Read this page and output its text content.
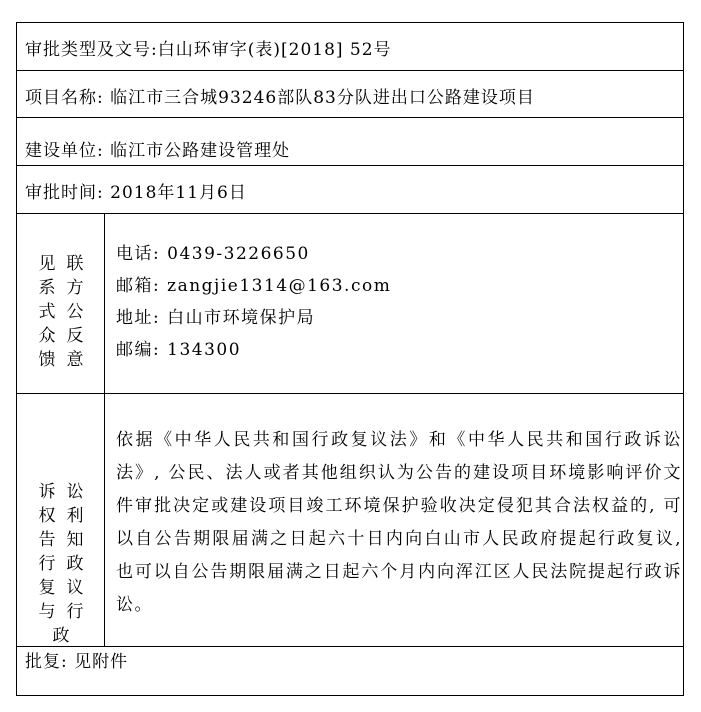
审批类型及文号:白山环审字(表)[2018] 52号
项目名称: 临江市三合城93246部队83分队进出口公路建设项目
建设单位: 临江市公路建设管理处
审批时间: 2018年11月6日
见 联
系 方
式 公
众 反
馈 意
电话: 0439-3226650
邮箱: zangjie1314@163.com
地址: 白山市环境保护局
邮编: 134300
诉 讼
权 利
告 知
行 政
复 议
与 行
政
依据《中华人民共和国行政复议法》和《中华人民共和国行政诉讼法》, 公民、法人或者其他组织认为公告的建设项目环境影响评价文件审批决定或建设项目竣工环境保护验收决定侵犯其合法权益的, 可以自公告期限届满之日起六十日内向白山市人民政府提起行政复议, 也可以自公告期限届满之日起六个月内向浑江区人民法院提起行政诉讼。
批复: 见附件
